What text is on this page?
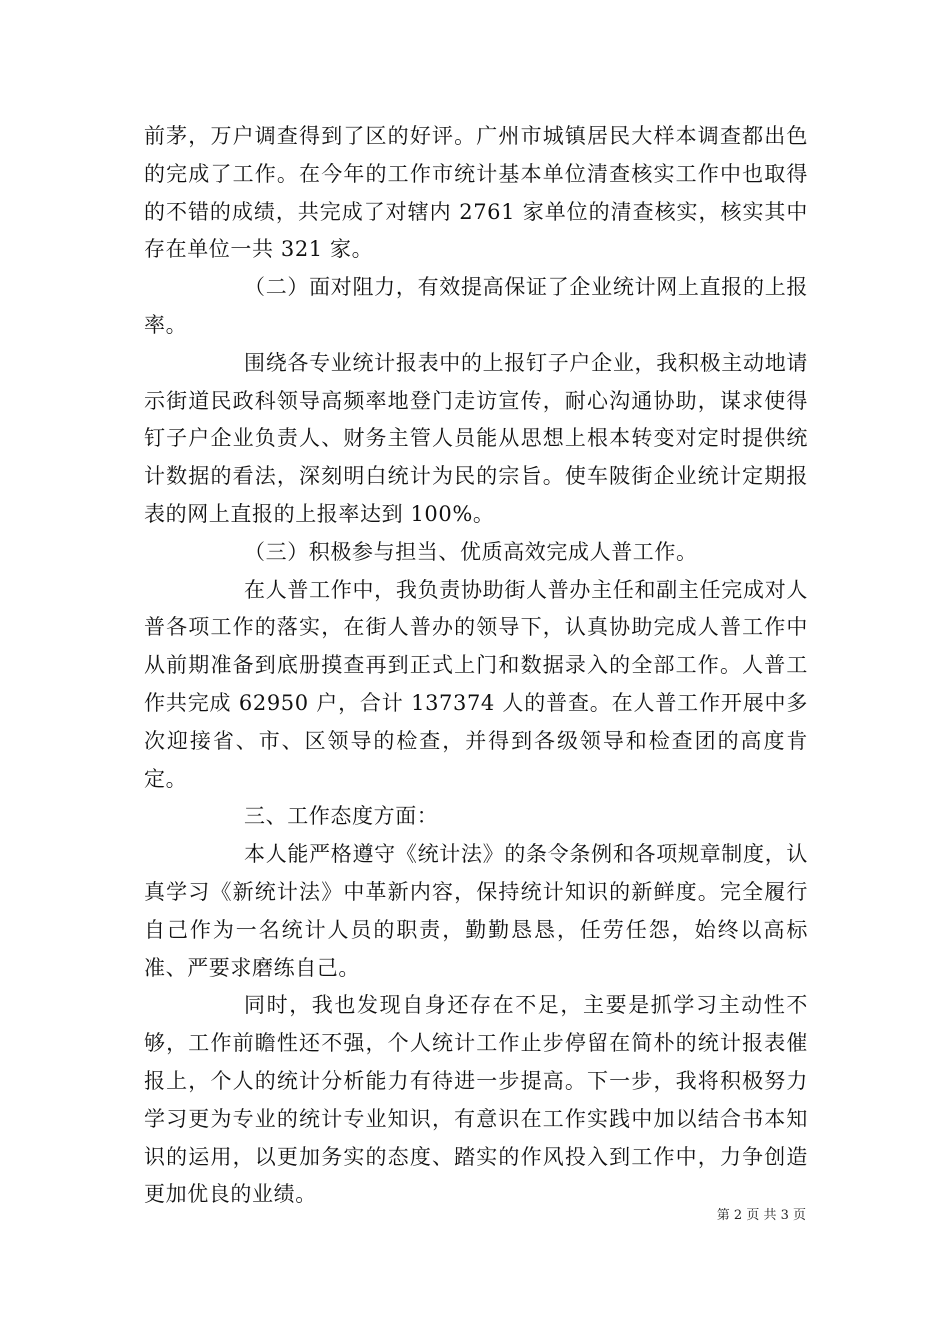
前茅，万户调查得到了区的好评。广州市城镇居民大样本调查都出色的完成了工作。在今年的工作市统计基本单位清查核实工作中也取得的不错的成绩，共完成了对辖内 2761 家单位的清查核实，核实其中存在单位一共 321 家。

（二）面对阻力，有效提高保证了企业统计网上直报的上报率。

围绕各专业统计报表中的上报钉子户企业，我积极主动地请示街道民政科领导高频率地登门走访宣传，耐心沟通协助，谋求使得钉子户企业负责人、财务主管人员能从思想上根本转变对定时提供统计数据的看法，深刻明白统计为民的宗旨。使车陂街企业统计定期报表的网上直报的上报率达到 100%。

（三）积极参与担当、优质高效完成人普工作。

在人普工作中，我负责协助街人普办主任和副主任完成对人普各项工作的落实，在街人普办的领导下，认真协助完成人普工作中从前期准备到底册摸查再到正式上门和数据录入的全部工作。人普工作共完成 62950 户，合计 137374 人的普查。在人普工作开展中多次迎接省、市、区领导的检查，并得到各级领导和检查团的高度肯定。

三、工作态度方面：

本人能严格遵守《统计法》的条令条例和各项规章制度，认真学习《新统计法》中革新内容，保持统计知识的新鲜度。完全履行自己作为一名统计人员的职责，勤勤恳恳，任劳任怨，始终以高标准、严要求磨练自己。

同时，我也发现自身还存在不足，主要是抓学习主动性不够，工作前瞻性还不强，个人统计工作止步停留在简朴的统计报表催报上，个人的统计分析能力有待进一步提高。下一步，我将积极努力学习更为专业的统计专业知识，有意识在工作实践中加以结合书本知识的运用，以更加务实的态度、踏实的作风投入到工作中，力争创造更加优良的业绩。

第 2 页 共 3 页
